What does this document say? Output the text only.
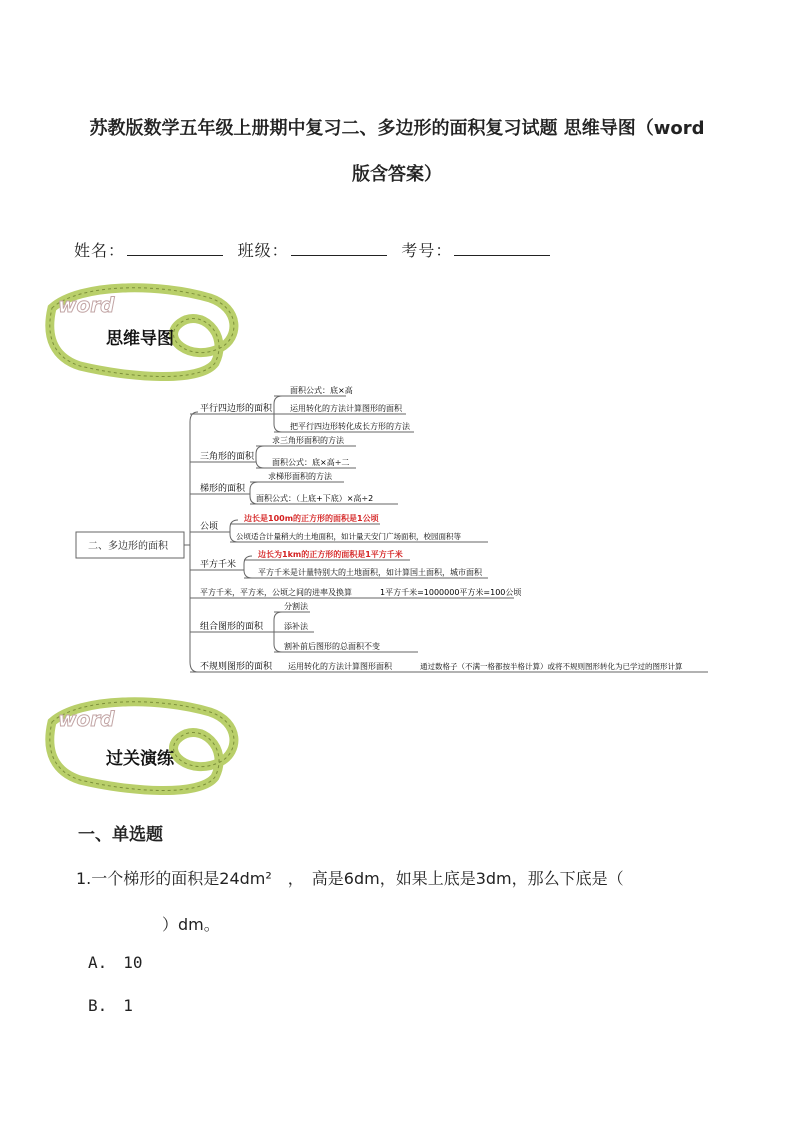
苏教版数学五年级上册期中复习二、多边形的面积复习试题 思维导图（word
版含答案）
姓名：	班级：	考号：
word
思维导图
二、多边形的面积
平行四边形的面积
面积公式：底×高
运用转化的方法计算图形的面积
把平行四边形转化成长方形的方法
三角形的面积
求三角形面积的方法
面积公式：底×高÷二
梯形的面积
求梯形面积的方法
面积公式：（上底+下底）×高÷2
公顷
边长是100m的正方形的面积是1公顷
公顷适合计量稍大的土地面积，如计量天安门广场面积，校园面积等
平方千米
边长为1km的正方形的面积是1平方千米
平方千米是计量特别大的土地面积，如计算国土面积，城市面积
平方千米，平方米，公顷之间的进率及换算	1平方千米=1000000平方米=100公顷
组合图形的面积
分割法
添补法
割补前后图形的总面积不变
不规则图形的面积 运用转化的方法计算图形面积	通过数格子（不满一格都按半格计算）或将不规则图形转化为已学过的图形计算
word
过关演练
一、单选题
1.一个梯形的面积是24dm²　，　高是6dm，如果上底是3dm，那么下底是（
　）dm。
A. 10
B. 1
